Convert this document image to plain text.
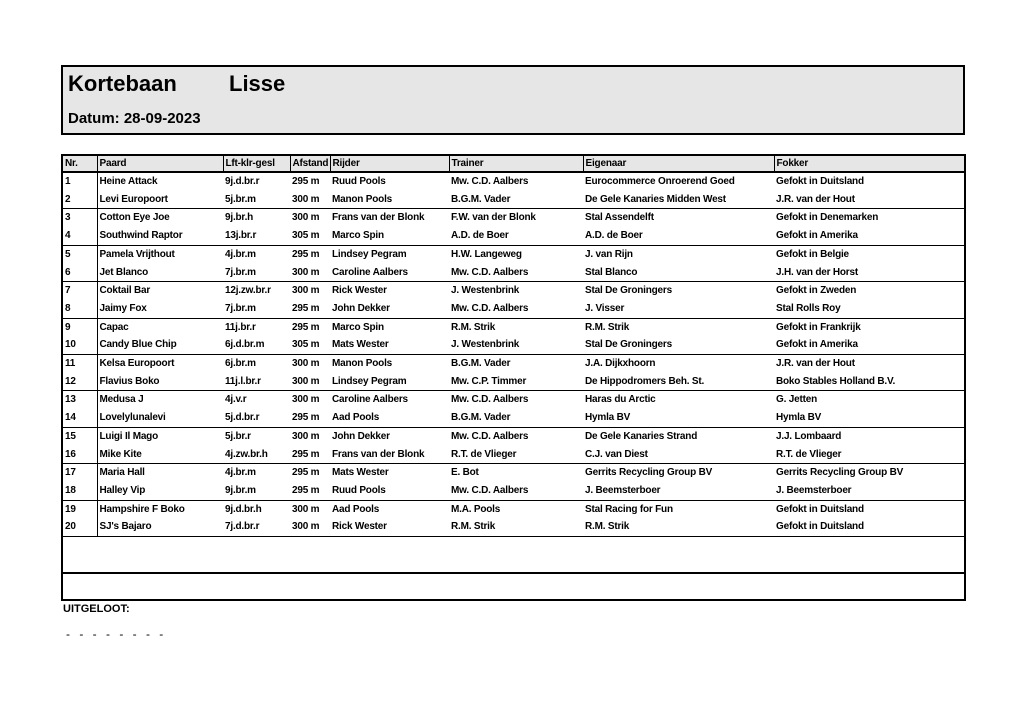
Kortebaan Lisse
Datum: 28-09-2023
Nr.	Paard	Lft-klr-gesl	Afstand	Rijder	Trainer	Eigenaar	Fokker
1	Heine Attack	9j.d.br.r	295 m	Ruud Pools	Mw. C.D. Aalbers	Eurocommerce Onroerend Goed	Gefokt in Duitsland
2	Levi Europoort	5j.br.m	300 m	Manon Pools	B.G.M. Vader	De Gele Kanaries Midden West	J.R. van der Hout
3	Cotton Eye Joe	9j.br.h	300 m	Frans van der Blonk	F.W. van der Blonk	Stal Assendelft	Gefokt in Denemarken
4	Southwind Raptor	13j.br.r	305 m	Marco Spin	A.D. de Boer	A.D. de Boer	Gefokt in Amerika
5	Pamela Vrijthout	4j.br.m	295 m	Lindsey Pegram	H.W. Langeweg	J. van Rijn	Gefokt in Belgie
6	Jet Blanco	7j.br.m	300 m	Caroline Aalbers	Mw. C.D. Aalbers	Stal Blanco	J.H. van der Horst
7	Coktail Bar	12j.zw.br.r	300 m	Rick Wester	J. Westenbrink	Stal De Groningers	Gefokt in Zweden
8	Jaimy Fox	7j.br.m	295 m	John Dekker	Mw. C.D. Aalbers	J. Visser	Stal Rolls Roy
9	Capac	11j.br.r	295 m	Marco Spin	R.M. Strik	R.M. Strik	Gefokt in Frankrijk
10	Candy Blue Chip	6j.d.br.m	305 m	Mats Wester	J. Westenbrink	Stal De Groningers	Gefokt in Amerika
11	Kelsa Europoort	6j.br.m	300 m	Manon Pools	B.G.M. Vader	J.A. Dijkxhoorn	J.R. van der Hout
12	Flavius Boko	11j.l.br.r	300 m	Lindsey Pegram	Mw. C.P. Timmer	De Hippodromers Beh. St.	Boko Stables Holland B.V.
13	Medusa J	4j.v.r	300 m	Caroline Aalbers	Mw. C.D. Aalbers	Haras du Arctic	G. Jetten
14	Lovelylunalevi	5j.d.br.r	295 m	Aad Pools	B.G.M. Vader	Hymla BV	Hymla BV
15	Luigi Il Mago	5j.br.r	300 m	John Dekker	Mw. C.D. Aalbers	De Gele Kanaries Strand	J.J. Lombaard
16	Mike Kite	4j.zw.br.h	295 m	Frans van der Blonk	R.T. de Vlieger	C.J. van Diest	R.T. de Vlieger
17	Maria Hall	4j.br.m	295 m	Mats Wester	E. Bot	Gerrits Recycling Group BV	Gerrits Recycling Group BV
18	Halley Vip	9j.br.m	295 m	Ruud Pools	Mw. C.D. Aalbers	J. Beemsterboer	J. Beemsterboer
19	Hampshire F Boko	9j.d.br.h	300 m	Aad Pools	M.A. Pools	Stal Racing for Fun	Gefokt in Duitsland
20	SJ's Bajaro	7j.d.br.r	300 m	Rick Wester	R.M. Strik	R.M. Strik	Gefokt in Duitsland

UITGELOOT:
- - - - - - - -
